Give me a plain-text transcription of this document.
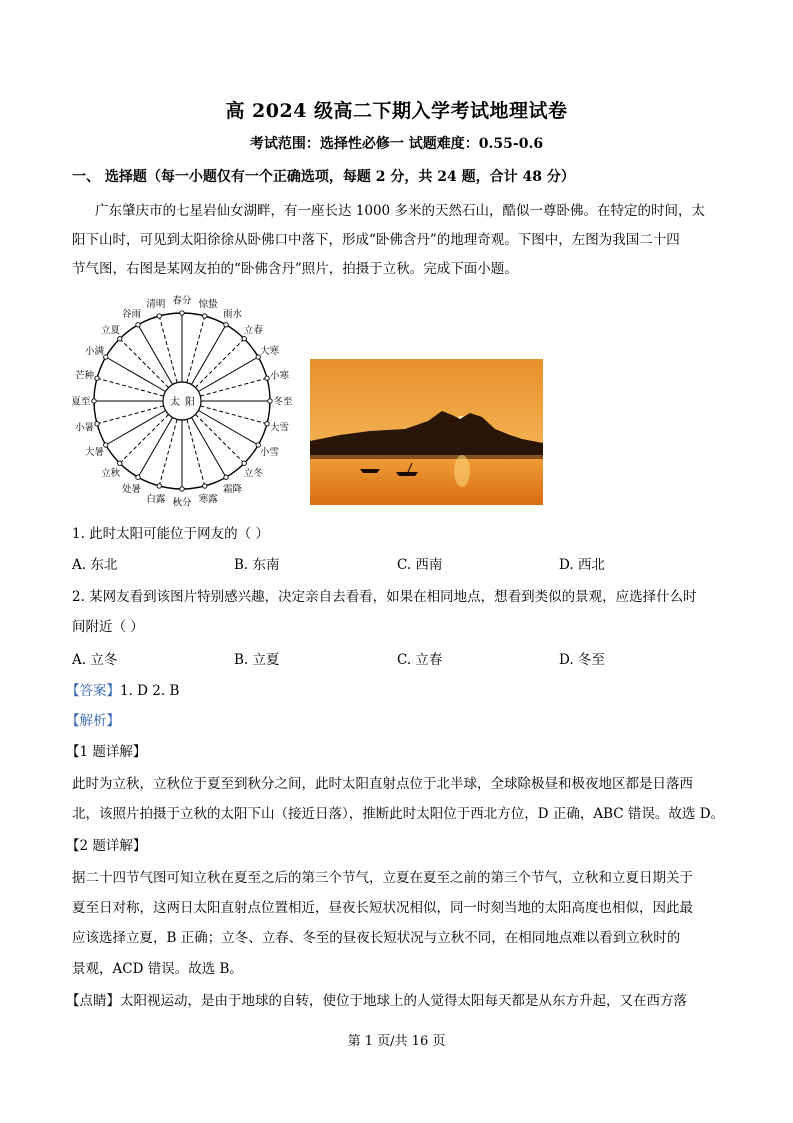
高 2024 级高二下期入学考试地理试卷
考试范围：选择性必修一 试题难度：0.55-0.6
一、 选择题（每一小题仅有一个正确选项，每题 2 分，共 24 题，合计 48 分）
广东肇庆市的七星岩仙女湖畔，有一座长达 1000 多米的天然石山，酷似一尊卧佛。在特定的时间，太
阳下山时，可见到太阳徐徐从卧佛口中落下，形成“卧佛含丹”的地理奇观。下图中，左图为我国二十四
节气图，右图是某网友拍的“卧佛含丹”照片，拍摄于立秋。完成下面小题。
太 阳
春分 惊蛰
雨水
立春
大寒
小寒
冬至
大雪
小雪
立冬
霜降
寒露
秋分
白露
处暑
立秋
大暑
小暑
夏至
芒种
小满
立夏
谷雨
清明
1. 此时太阳可能位于网友的（ ）
A. 东北	B. 东南	C. 西南	D. 西北
2. 某网友看到该图片特别感兴趣，决定亲自去看看，如果在相同地点，想看到类似的景观，应选择什么时
间附近（ ）
A. 立冬	B. 立夏	C. 立春	D. 冬至
【答案】1. D 2. B
【解析】
【1 题详解】
此时为立秋，立秋位于夏至到秋分之间，此时太阳直射点位于北半球，全球除极昼和极夜地区都是日落西
北，该照片拍摄于立秋的太阳下山（接近日落），推断此时太阳位于西北方位，D 正确，ABC 错误。故选 D。
【2 题详解】
据二十四节气图可知立秋在夏至之后的第三个节气，立夏在夏至之前的第三个节气，立秋和立夏日期关于
夏至日对称，这两日太阳直射点位置相近，昼夜长短状况相似，同一时刻当地的太阳高度也相似，因此最
应该选择立夏，B 正确；立冬、立春、冬至的昼夜长短状况与立秋不同，在相同地点难以看到立秋时的
景观，ACD 错误。故选 B。
【点睛】太阳视运动，是由于地球的自转，使位于地球上的人觉得太阳每天都是从东方升起，又在西方落
第 1 页/共 16 页
